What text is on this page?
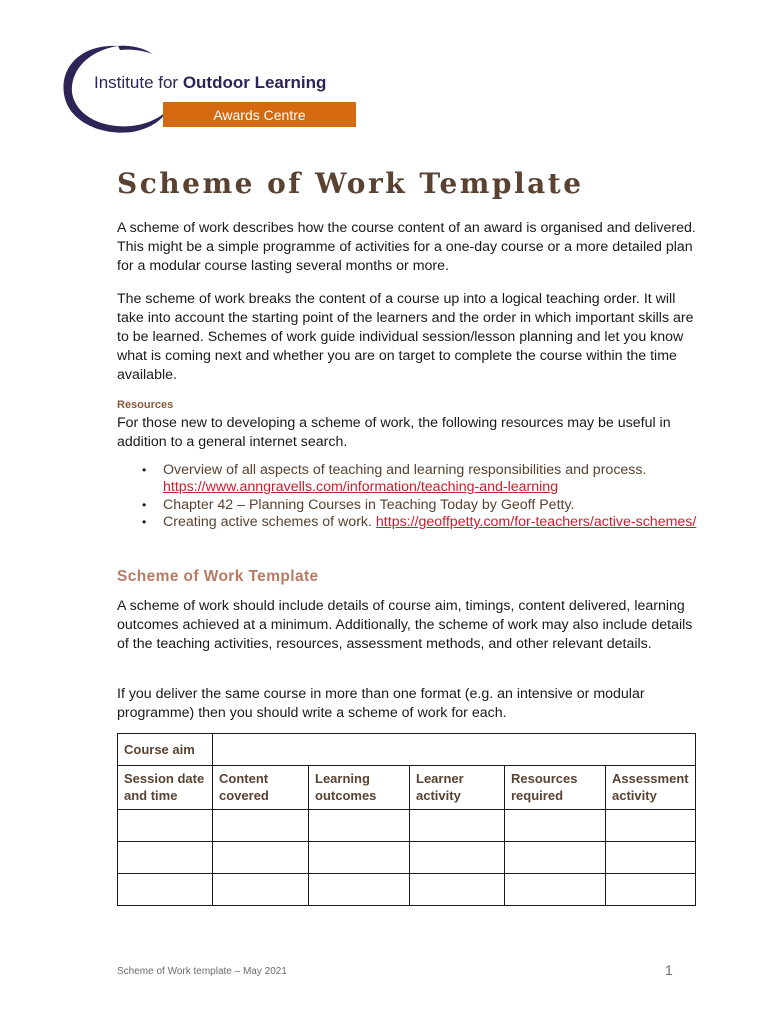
Institute for Outdoor Learning
Awards Centre
Scheme of Work Template

A scheme of work describes how the course content of an award is organised and delivered. This might be a simple programme of activities for a one-day course or a more detailed plan for a modular course lasting several months or more.

The scheme of work breaks the content of a course up into a logical teaching order. It will take into account the starting point of the learners and the order in which important skills are to be learned. Schemes of work guide individual session/lesson planning and let you know what is coming next and whether you are on target to complete the course within the time available.

Resources

For those new to developing a scheme of work, the following resources may be useful in addition to a general internet search.

• Overview of all aspects of teaching and learning responsibilities and process.
https://www.anngravells.com/information/teaching-and-learning
• Chapter 42 – Planning Courses in Teaching Today by Geoff Petty.
• Creating active schemes of work. https://geoffpetty.com/for-teachers/active-schemes/
Scheme of Work Template

A scheme of work should include details of course aim, timings, content delivered, learning outcomes achieved at a minimum. Additionally, the scheme of work may also include details of the teaching activities, resources, assessment methods, and other relevant details.

If you deliver the same course in more than one format (e.g. an intensive or modular programme) then you should write a scheme of work for each.

Course aim					
Session date and time	Content covered	Learning outcomes	Learner activity	Resources required	Assessment activity

Scheme of Work template – May 2021	1
